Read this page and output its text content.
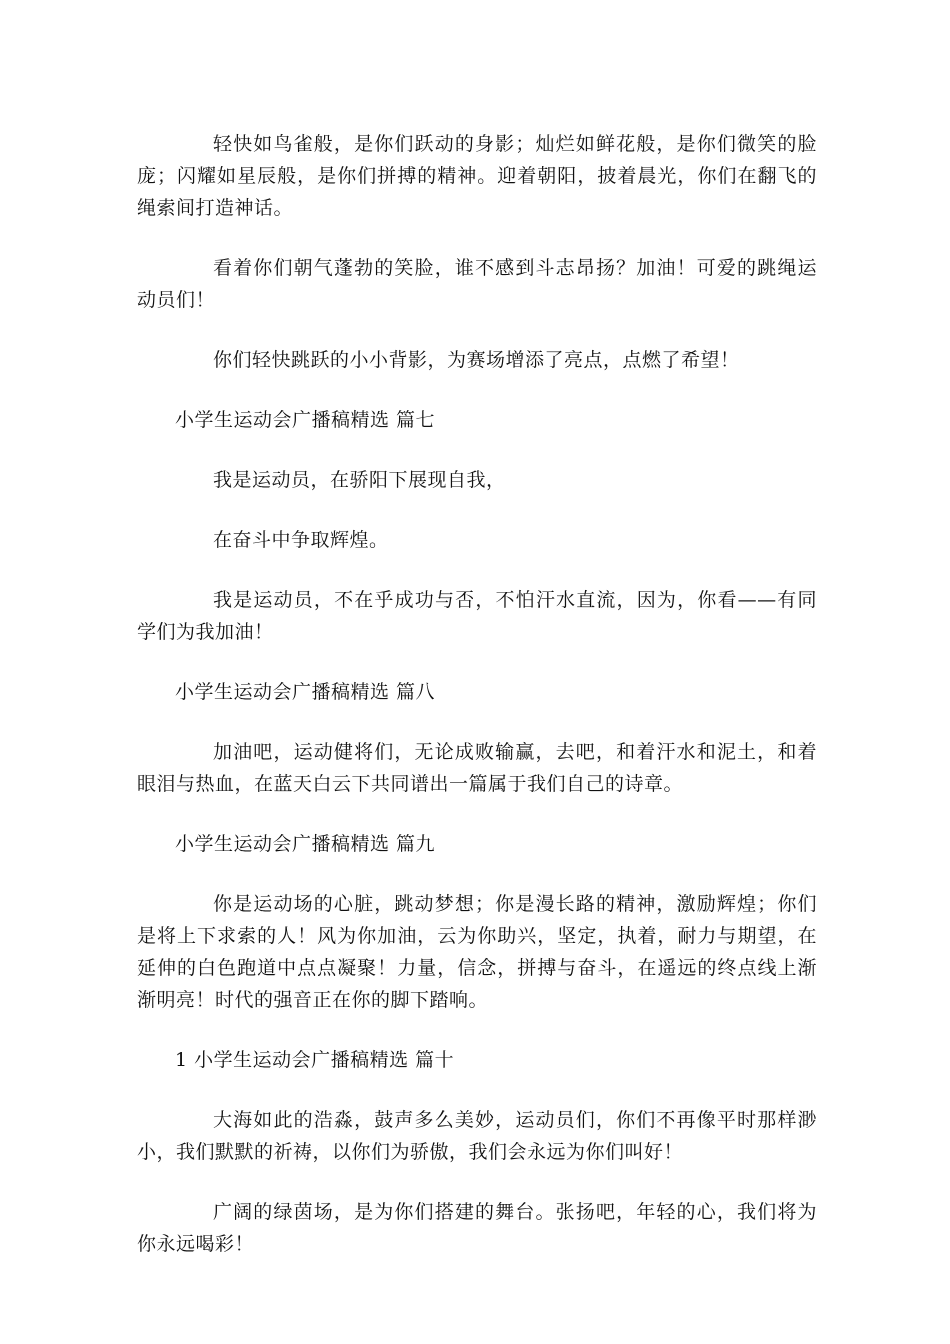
轻快如鸟雀般，是你们跃动的身影；灿烂如鲜花般，是你们微笑的脸庞；闪耀如星辰般，是你们拼搏的精神。迎着朝阳，披着晨光，你们在翻飞的绳索间打造神话。

看着你们朝气蓬勃的笑脸，谁不感到斗志昂扬？加油！可爱的跳绳运动员们！

你们轻快跳跃的小小背影，为赛场增添了亮点，点燃了希望！

小学生运动会广播稿精选 篇七

我是运动员，在骄阳下展现自我，

在奋斗中争取辉煌。

我是运动员，不在乎成功与否，不怕汗水直流，因为，你看——有同学们为我加油！

小学生运动会广播稿精选 篇八

加油吧，运动健将们，无论成败输赢，去吧，和着汗水和泥土，和着眼泪与热血，在蓝天白云下共同谱出一篇属于我们自己的诗章。

小学生运动会广播稿精选 篇九

你是运动场的心脏，跳动梦想；你是漫长路的精神，激励辉煌；你们是将上下求索的人！风为你加油，云为你助兴，坚定，执着，耐力与期望，在延伸的白色跑道中点点凝聚！力量，信念，拼搏与奋斗，在遥远的终点线上渐渐明亮！时代的强音正在你的脚下踏响。

1 小学生运动会广播稿精选 篇十

大海如此的浩淼，鼓声多么美妙，运动员们，你们不再像平时那样渺小，我们默默的祈祷，以你们为骄傲，我们会永远为你们叫好！

广阔的绿茵场，是为你们搭建的舞台。张扬吧，年轻的心，我们将为你永远喝彩！
